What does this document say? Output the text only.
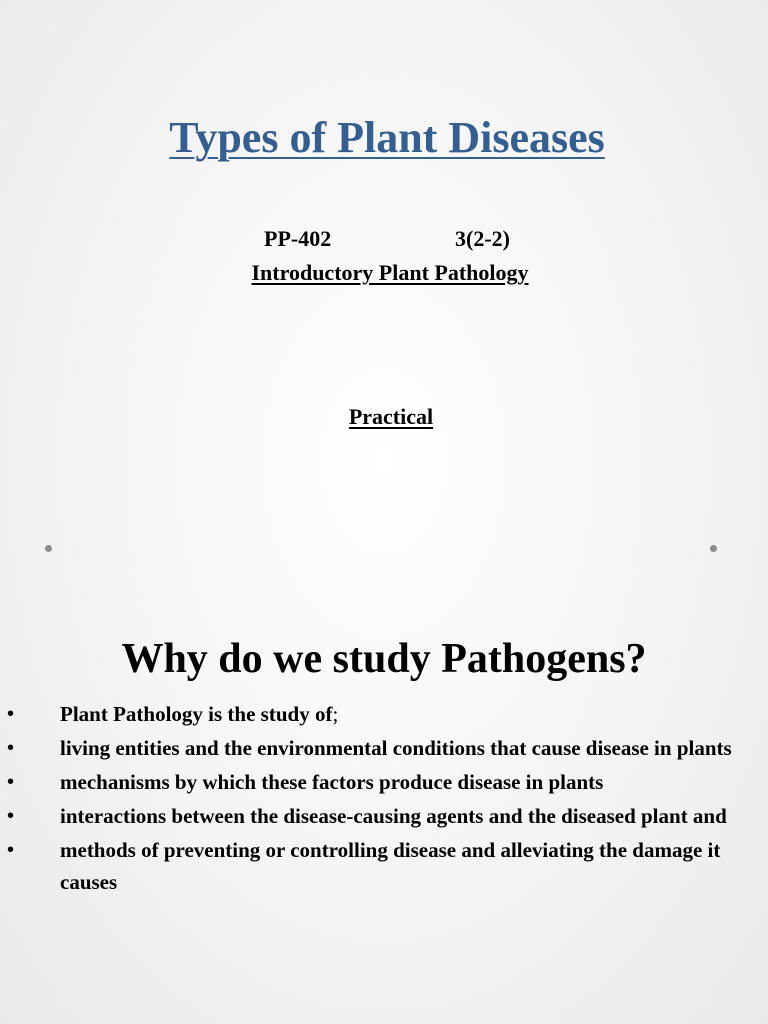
Types of Plant Diseases
PP-402	3(2-2)

Introductory Plant Pathology

Practical

Why do we study Pathogens?
• Plant Pathology is the study of;
• living entities and the environmental conditions that cause disease in plants
• mechanisms by which these factors produce disease in plants
• interactions between the disease-causing agents and the diseased plant and
• methods of preventing or controlling disease and alleviating the damage it causes
